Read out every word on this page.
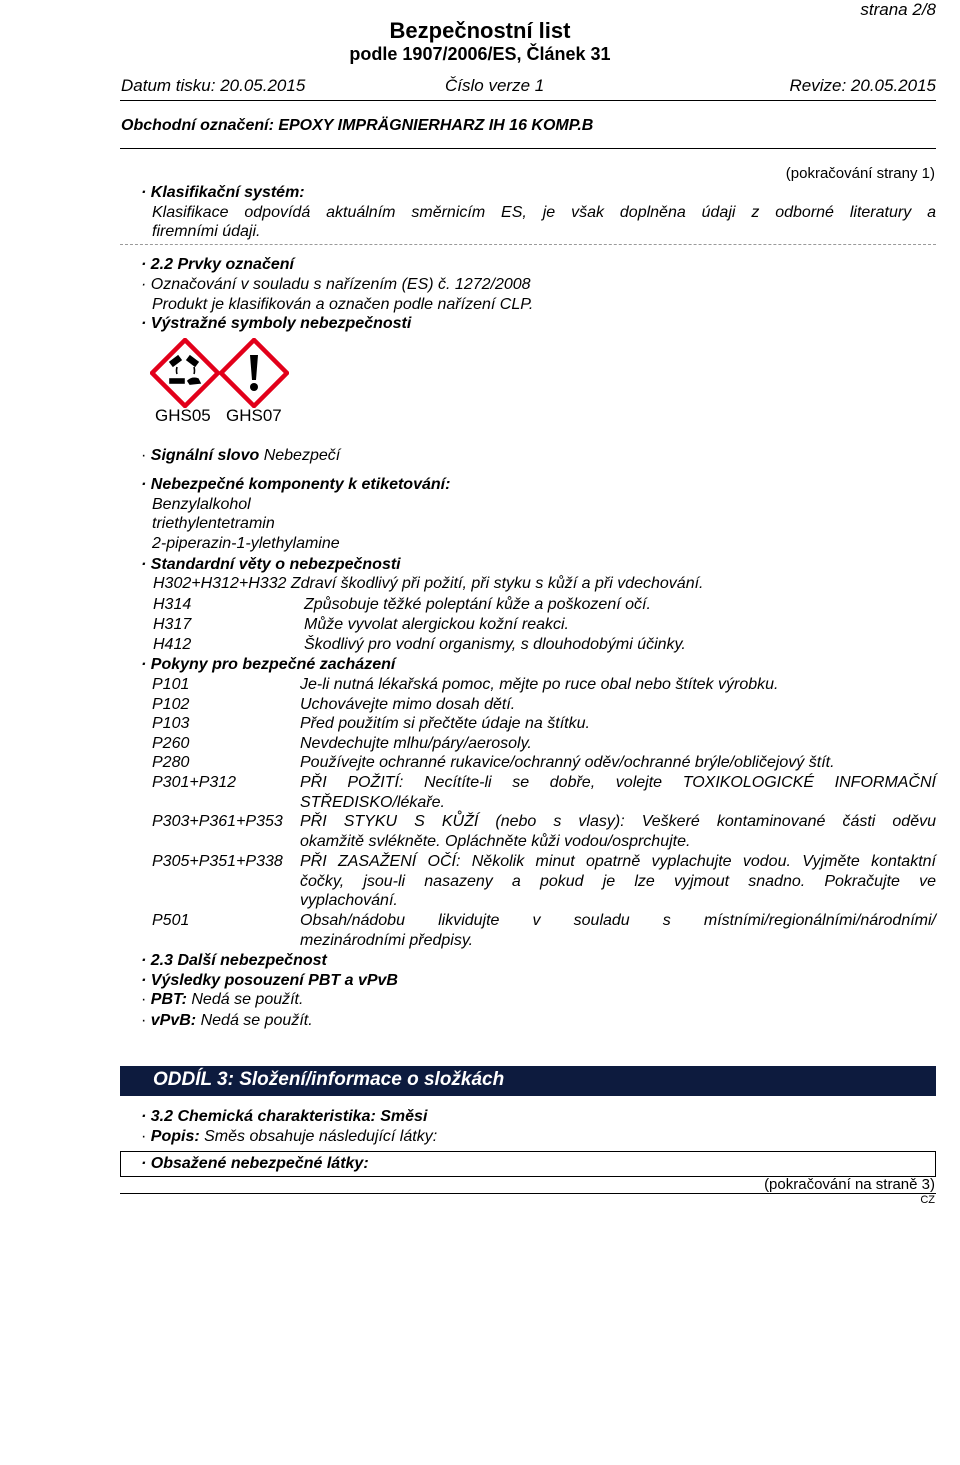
strana 2/8
Bezpečnostní list
podle 1907/2006/ES, Článek 31
Datum tisku: 20.05.2015	Číslo verze 1	Revize: 20.05.2015
Obchodní označení: EPOXY IMPRÄGNIERHARZ IH 16 KOMP.B
(pokračování strany 1)
· Klasifikační systém:
Klasifikace odpovídá aktuálním směrnicím ES, je však doplněna údaji z odborné literatury a
firemními údaji.
· 2.2 Prvky označení
· Označování v souladu s nařízením (ES) č. 1272/2008
Produkt je klasifikován a označen podle nařízení CLP.
· Výstražné symboly nebezpečnosti
GHS05 GHS07
· Signální slovo Nebezpečí
· Nebezpečné komponenty k etiketování:
Benzylalkohol
triethylentetramin
2-piperazin-1-ylethylamine
· Standardní věty o nebezpečnosti
H302+H312+H332 Zdraví škodlivý při požití, při styku s kůží a při vdechování.
H314	Způsobuje těžké poleptání kůže a poškození očí.
H317	Může vyvolat alergickou kožní reakci.
H412	Škodlivý pro vodní organismy, s dlouhodobými účinky.
· Pokyny pro bezpečné zacházení
P101	Je-li nutná lékařská pomoc, mějte po ruce obal nebo štítek výrobku.
P102	Uchovávejte mimo dosah dětí.
P103	Před použitím si přečtěte údaje na štítku.
P260	Nevdechujte mlhu/páry/aerosoly.
P280	Používejte ochranné rukavice/ochranný oděv/ochranné brýle/obličejový štít.
P301+P312	PŘI POŽITÍ: Necítíte-li se dobře, volejte TOXIKOLOGICKÉ INFORMAČNÍ
STŘEDISKO/lékaře.
P303+P361+P353 PŘI STYKU S KŮŽÍ (nebo s vlasy): Veškeré kontaminované části oděvu
okamžitě svlékněte. Opláchněte kůži vodou/osprchujte.
P305+P351+P338 PŘI ZASAŽENÍ OČÍ: Několik minut opatrně vyplachujte vodou. Vyjměte kontaktní
čočky, jsou-li nasazeny a pokud je lze vyjmout snadno. Pokračujte ve
vyplachování.
P501	Obsah/nádobu likvidujte v souladu s místními/regionálními/národními/
mezinárodními předpisy.
· 2.3 Další nebezpečnost
· Výsledky posouzení PBT a vPvB
· PBT: Nedá se použít.
· vPvB: Nedá se použít.
ODDÍL 3: Složení/informace o složkách
· 3.2 Chemická charakteristika: Směsi
· Popis: Směs obsahuje následující látky:
· Obsažené nebezpečné látky:
(pokračování na straně 3)
CZ
